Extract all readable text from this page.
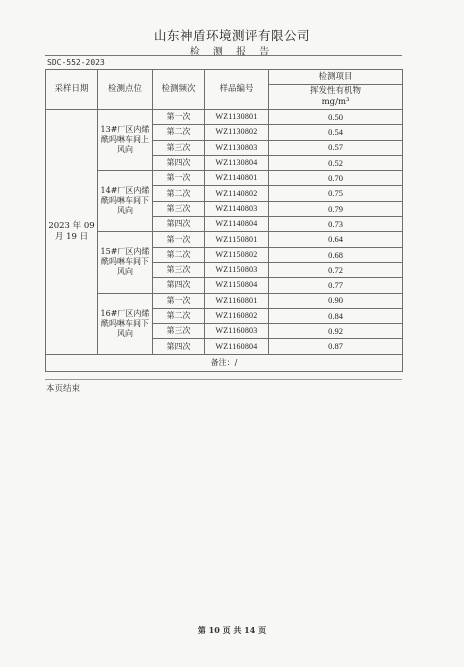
山东神盾环境测评有限公司
检 测 报 告
SDC-552-2023
采样日期	检测点位	检测频次	样品编号	检测项目
挥发性有机物
mg/m³

2023 年 09 月 19 日	13#厂区内烯酰吗啉车间上风向	第一次	WZ1130801	0.50
		第二次	WZ1130802	0.54
		第三次	WZ1130803	0.57
		第四次	WZ1130804	0.52
	14#厂区内烯酰吗啉车间下风向	第一次	WZ1140801	0.70
		第二次	WZ1140802	0.75
		第三次	WZ1140803	0.79
		第四次	WZ1140804	0.73
	15#厂区内烯酰吗啉车间下风向	第一次	WZ1150801	0.64
		第二次	WZ1150802	0.68
		第三次	WZ1150803	0.72
		第四次	WZ1150804	0.77
	16#厂区内烯酰吗啉车间下风向	第一次	WZ1160801	0.90
		第二次	WZ1160802	0.84
		第三次	WZ1160803	0.92
		第四次	WZ1160804	0.87
备注：/				
本页结束
第 10 页 共 14 页
